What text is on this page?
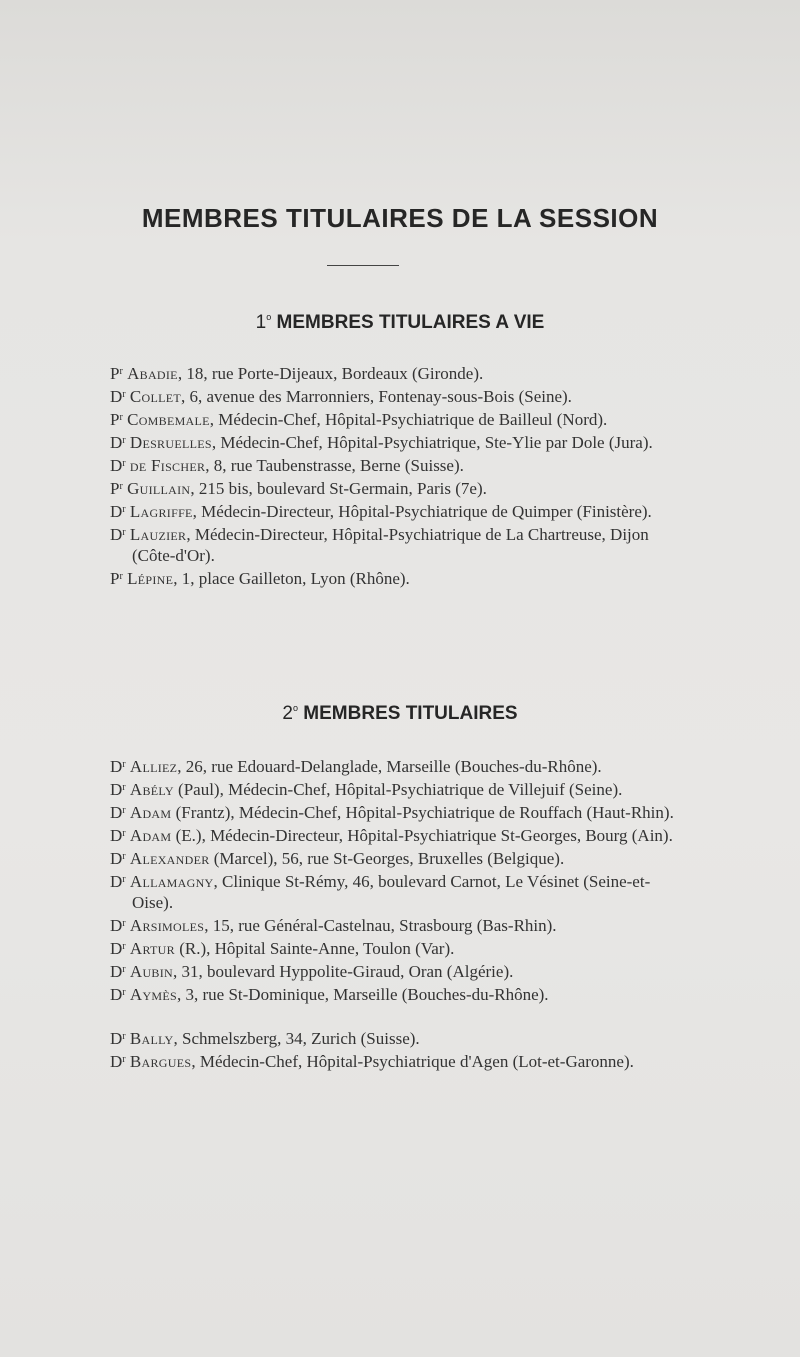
MEMBRES TITULAIRES DE LA SESSION
1$^o$ MEMBRES TITULAIRES A VIE
$P^r$ Abadie, 18, rue Porte-Dijeaux, Bordeaux (Gironde).
$D^r$ Collet, 6, avenue des Marronniers, Fontenay-sous-Bois (Seine).
$P^r$ Combemale, Médecin-Chef, Hôpital-Psychiatrique de Bailleul (Nord).
$D^r$ Desruelles, Médecin-Chef, Hôpital-Psychiatrique, Ste-Ylie par Dole (Jura).
$D^r$ de Fischer, 8, rue Taubenstrasse, Berne (Suisse).
$P^r$ Guillain, 215 bis, boulevard St-Germain, Paris (7e).
$D^r$ Lagriffe, Médecin-Directeur, Hôpital-Psychiatrique de Quimper (Finistère).
$D^r$ Lauzier, Médecin-Directeur, Hôpital-Psychiatrique de La Chartreuse, Dijon (Côte-d'Or).
$P^r$ Lépine, 1, place Gailleton, Lyon (Rhône).
2$^o$ MEMBRES TITULAIRES
$D^r$ Alliez, 26, rue Edouard-Delanglade, Marseille (Bouches-du-Rhône).
$D^r$ Abély (Paul), Médecin-Chef, Hôpital-Psychiatrique de Villejuif (Seine).
$D^r$ Adam (Frantz), Médecin-Chef, Hôpital-Psychiatrique de Rouffach (Haut-Rhin).
$D^r$ Adam (E.), Médecin-Directeur, Hôpital-Psychiatrique St-Georges, Bourg (Ain).
$D^r$ Alexander (Marcel), 56, rue St-Georges, Bruxelles (Belgique).
$D^r$ Allamagny, Clinique St-Rémy, 46, boulevard Carnot, Le Vésinet (Seine-et-Oise).
$D^r$ Arsimoles, 15, rue Général-Castelnau, Strasbourg (Bas-Rhin).
$D^r$ Artur (R.), Hôpital Sainte-Anne, Toulon (Var).
$D^r$ Aubin, 31, boulevard Hyppolite-Giraud, Oran (Algérie).
$D^r$ Aymès, 3, rue St-Dominique, Marseille (Bouches-du-Rhône).
$D^r$ Bally, Schmelszberg, 34, Zurich (Suisse).
$D^r$ Bargues, Médecin-Chef, Hôpital-Psychiatrique d'Agen (Lot-et-Garonne).
